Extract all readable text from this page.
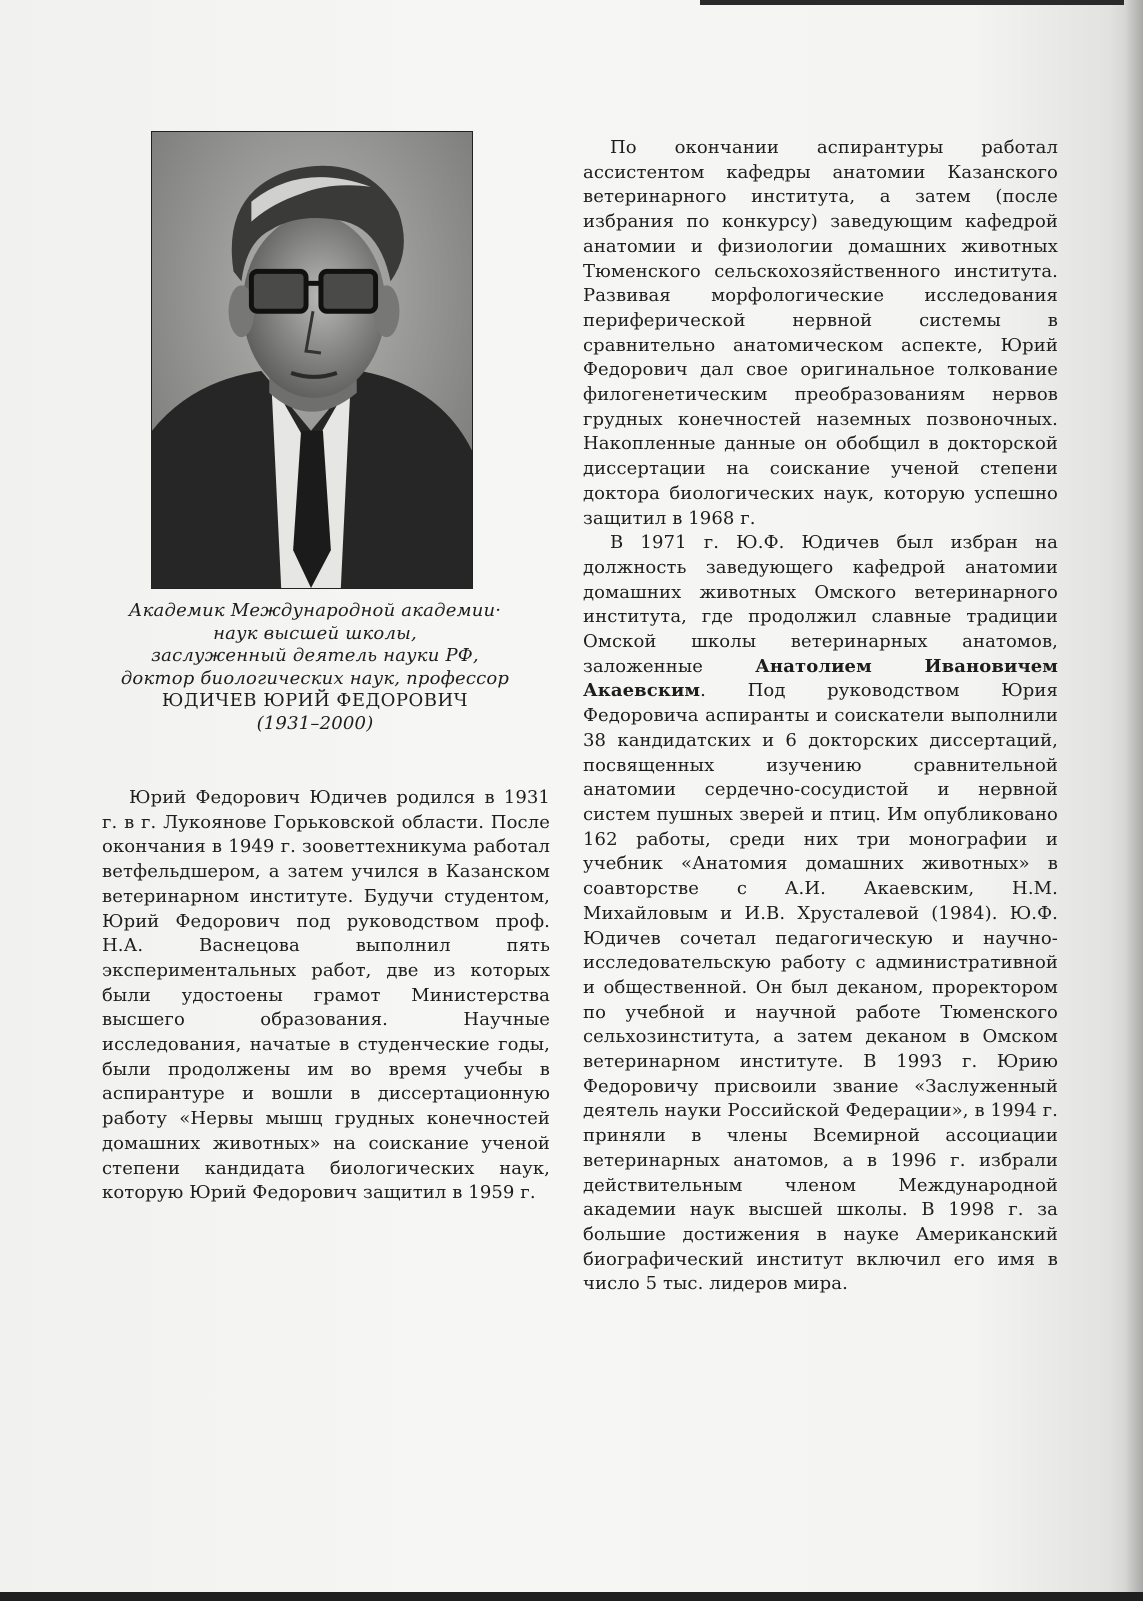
Академик Международной академии·
наук высшей школы,
заслуженный деятель науки РФ,
доктор биологических наук, профессор
ЮДИЧЕВ ЮРИЙ ФЕДОРОВИЧ
(1931–2000)

Юрий Федорович Юдичев родился в 1931 г. в г. Лукоянове Горьковской области. После окончания в 1949 г. зооветтехникума работал ветфельдшером, а затем учился в Казанском ветеринарном институте. Будучи студентом, Юрий Федорович под руководством проф. Н.А. Васнецова выполнил пять экспериментальных работ, две из которых были удостоены грамот Министерства высшего образования. Научные исследования, начатые в студенческие годы, были продолжены им во время учебы в аспирантуре и вошли в диссертационную работу «Нервы мышц грудных конечностей домашних животных» на соискание ученой степени кандидата биологических наук, которую Юрий Федорович защитил в 1959 г.

По окончании аспирантуры работал ассистентом кафедры анатомии Казанского ветеринарного института, а затем (после избрания по конкурсу) заведующим кафедрой анатомии и физиологии домашних животных Тюменского сельскохозяйственного института. Развивая морфологические исследования периферической нервной системы в сравнительно анатомическом аспекте, Юрий Федорович дал свое оригинальное толкование филогенетическим преобразованиям нервов грудных конечностей наземных позвоночных. Накопленные данные он обобщил в докторской диссертации на соискание ученой степени доктора биологических наук, которую успешно защитил в 1968 г.

В 1971 г. Ю.Ф. Юдичев был избран на должность заведующего кафедрой анатомии домашних животных Омского ветеринарного института, где продолжил славные традиции Омской школы ветеринарных анатомов, заложенные Анатолием Ивановичем Акаевским. Под руководством Юрия Федоровича аспиранты и соискатели выполнили 38 кандидатских и 6 докторских диссертаций, посвященных изучению сравнительной анатомии сердечно-сосудистой и нервной систем пушных зверей и птиц. Им опубликовано 162 работы, среди них три монографии и учебник «Анатомия домашних животных» в соавторстве с А.И. Акаевским, Н.М. Михайловым и И.В. Хрусталевой (1984). Ю.Ф. Юдичев сочетал педагогическую и научно-исследовательскую работу с административной и общественной. Он был деканом, проректором по учебной и научной работе Тюменского сельхозинститута, а затем деканом в Омском ветеринарном институте. В 1993 г. Юрию Федоровичу присвоили звание «Заслуженный деятель науки Российской Федерации», в 1994 г. приняли в члены Всемирной ассоциации ветеринарных анатомов, а в 1996 г. избрали действительным членом Международной академии наук высшей школы. В 1998 г. за большие достижения в науке Американский биографический институт включил его имя в число 5 тыс. лидеров мира.
